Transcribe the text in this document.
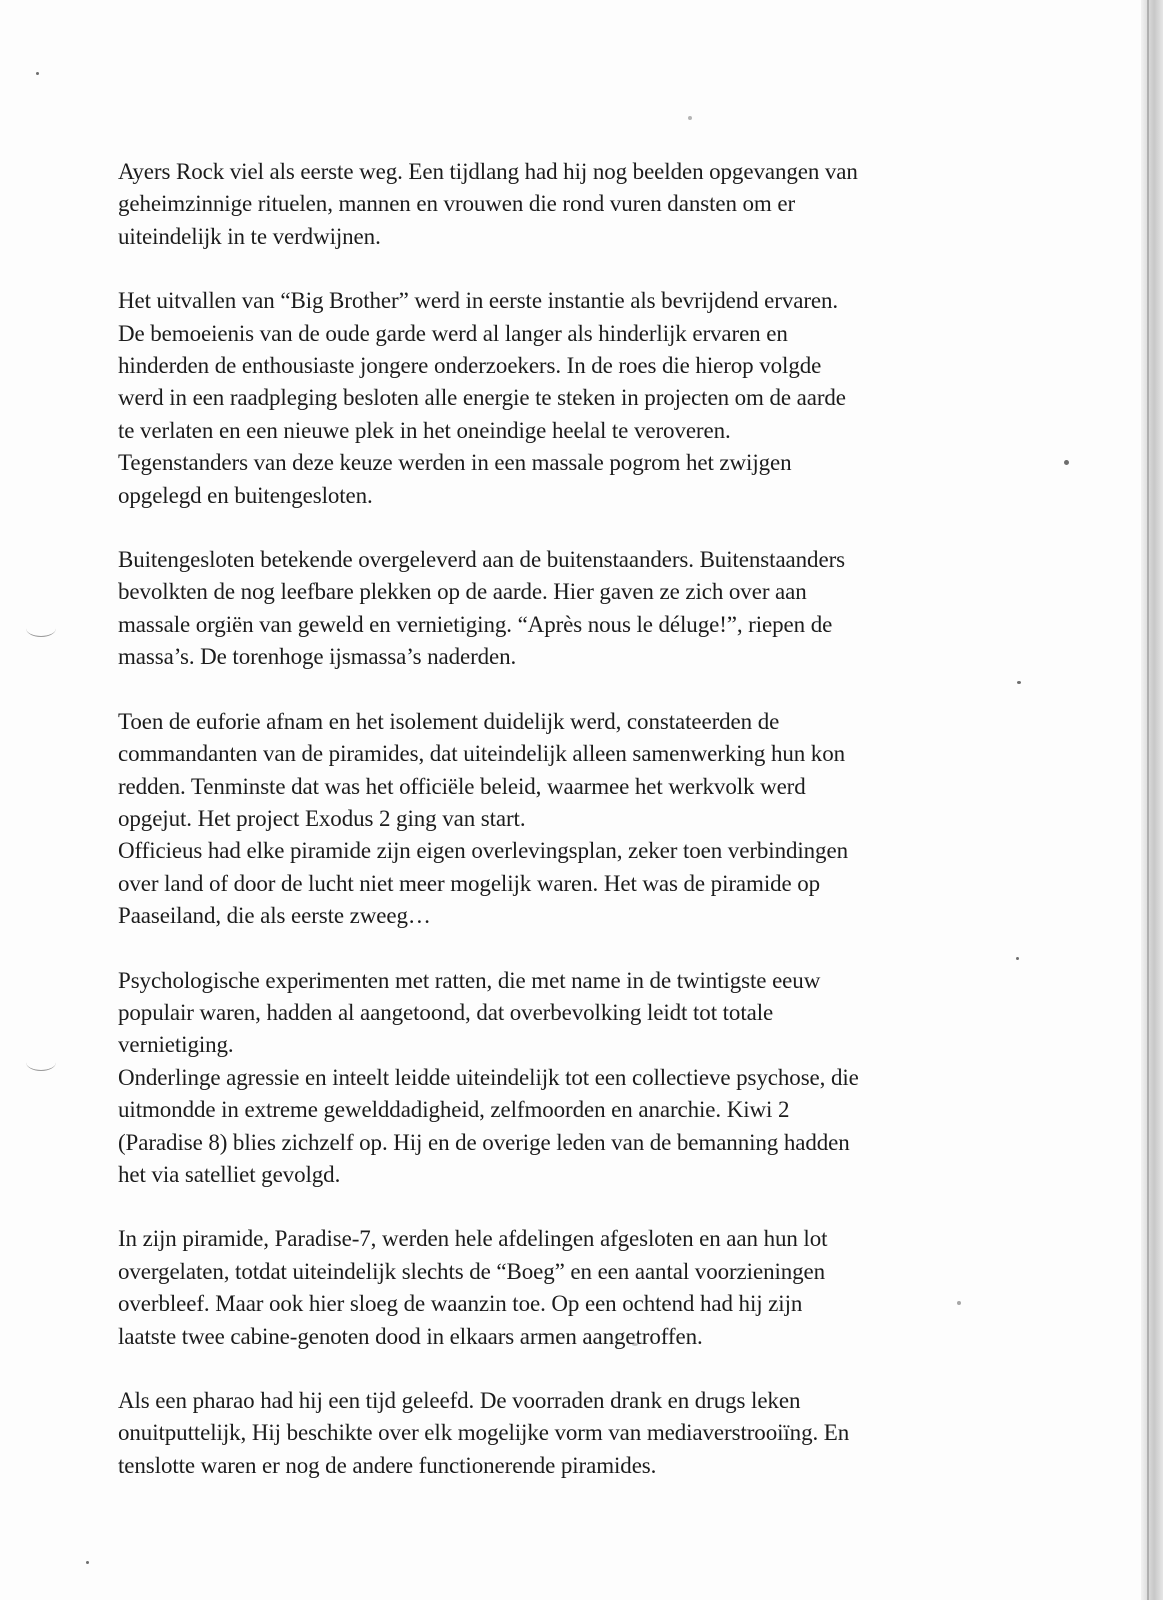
Ayers Rock viel als eerste weg. Een tijdlang had hij nog beelden opgevangen van
geheimzinnige rituelen, mannen en vrouwen die rond vuren dansten om er
uiteindelijk in te verdwijnen.

Het uitvallen van “Big Brother” werd in eerste instantie als bevrijdend ervaren.
De bemoeienis van de oude garde werd al langer als hinderlijk ervaren en
hinderden de enthousiaste jongere onderzoekers. In de roes die hierop volgde
werd in een raadpleging besloten alle energie te steken in projecten om de aarde
te verlaten en een nieuwe plek in het oneindige heelal te veroveren.
Tegenstanders van deze keuze werden in een massale pogrom het zwijgen
opgelegd en buitengesloten.

Buitengesloten betekende overgeleverd aan de buitenstaanders. Buitenstaanders
bevolkten de nog leefbare plekken op de aarde. Hier gaven ze zich over aan
massale orgiën van geweld en vernietiging. “Après nous le déluge!”, riepen de
massa’s. De torenhoge ijsmassa’s naderden.

Toen de euforie afnam en het isolement duidelijk werd, constateerden de
commandanten van de piramides, dat uiteindelijk alleen samenwerking hun kon
redden. Tenminste dat was het officiële beleid, waarmee het werkvolk werd
opgejut. Het project Exodus 2 ging van start.
Officieus had elke piramide zijn eigen overlevingsplan, zeker toen verbindingen
over land of door de lucht niet meer mogelijk waren. Het was de piramide op
Paaseiland, die als eerste zweeg…

Psychologische experimenten met ratten, die met name in de twintigste eeuw
populair waren, hadden al aangetoond, dat overbevolking leidt tot totale
vernietiging.
Onderlinge agressie en inteelt leidde uiteindelijk tot een collectieve psychose, die
uitmondde in extreme gewelddadigheid, zelfmoorden en anarchie. Kiwi 2
(Paradise 8) blies zichzelf op. Hij en de overige leden van de bemanning hadden
het via satelliet gevolgd.

In zijn piramide, Paradise-7, werden hele afdelingen afgesloten en aan hun lot
overgelaten, totdat uiteindelijk slechts de “Boeg” en een aantal voorzieningen
overbleef. Maar ook hier sloeg de waanzin toe. Op een ochtend had hij zijn
laatste twee cabine-genoten dood in elkaars armen aangetroffen.

Als een pharao had hij een tijd geleefd. De voorraden drank en drugs leken
onuitputtelijk, Hij beschikte over elk mogelijke vorm van mediaverstrooiïng. En
tenslotte waren er nog de andere functionerende piramides.
